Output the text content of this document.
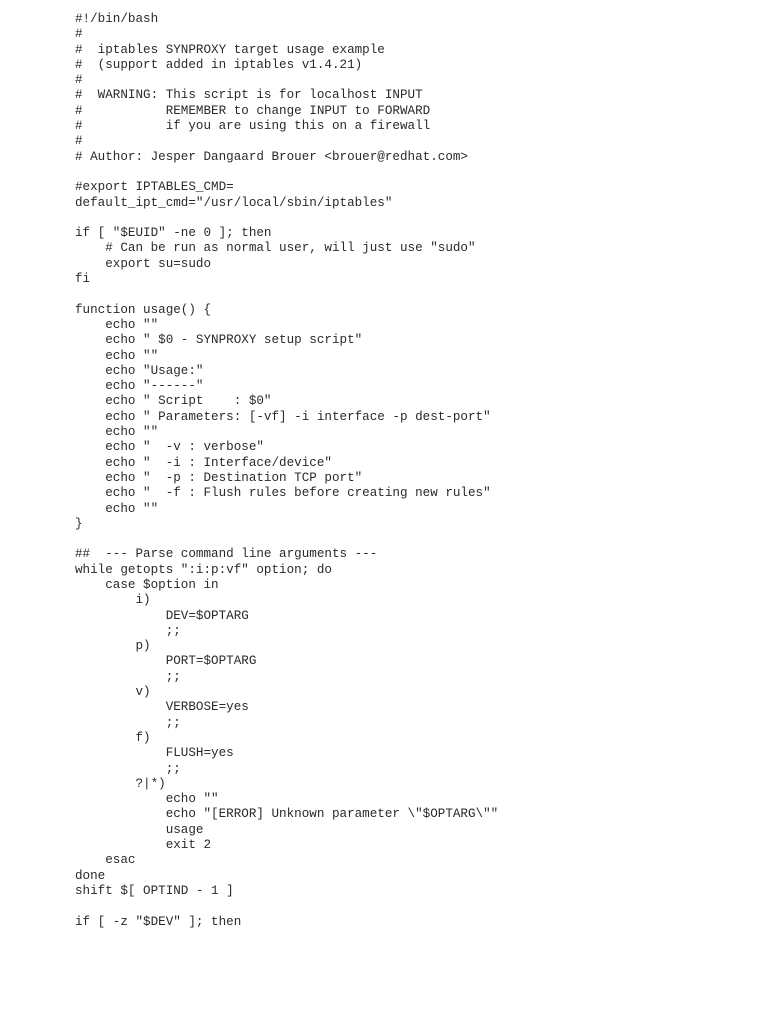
#!/bin/bash
#
#  iptables SYNPROXY target usage example
#  (support added in iptables v1.4.21)
#
#  WARNING: This script is for localhost INPUT
#           REMEMBER to change INPUT to FORWARD
#           if you are using this on a firewall
#
# Author: Jesper Dangaard Brouer <brouer@redhat.com>
#export IPTABLES_CMD=
default_ipt_cmd="/usr/local/sbin/iptables"
if [ "$EUID" -ne 0 ]; then
# Can be run as normal user, will just use "sudo"
export su=sudo
fi
function usage() {
echo ""
echo " $0 - SYNPROXY setup script"
echo ""
echo "Usage:"
echo "------"
echo " Script    : $0"
echo " Parameters: [-vf] -i interface -p dest-port"
echo ""
echo "  -v : verbose"
echo "  -i : Interface/device"
echo "  -p : Destination TCP port"
echo "  -f : Flush rules before creating new rules"
echo ""
}
##  --- Parse command line arguments ---
while getopts ":i:p:vf" option; do
case $option in
i)
DEV=$OPTARG
;;
p)
PORT=$OPTARG
;;
v)
VERBOSE=yes
;;
f)
FLUSH=yes
;;
?|*)
echo ""
echo "[ERROR] Unknown parameter \"$OPTARG\""
usage
exit 2
esac
done
shift $[ OPTIND - 1 ]
if [ -z "$DEV" ]; then
